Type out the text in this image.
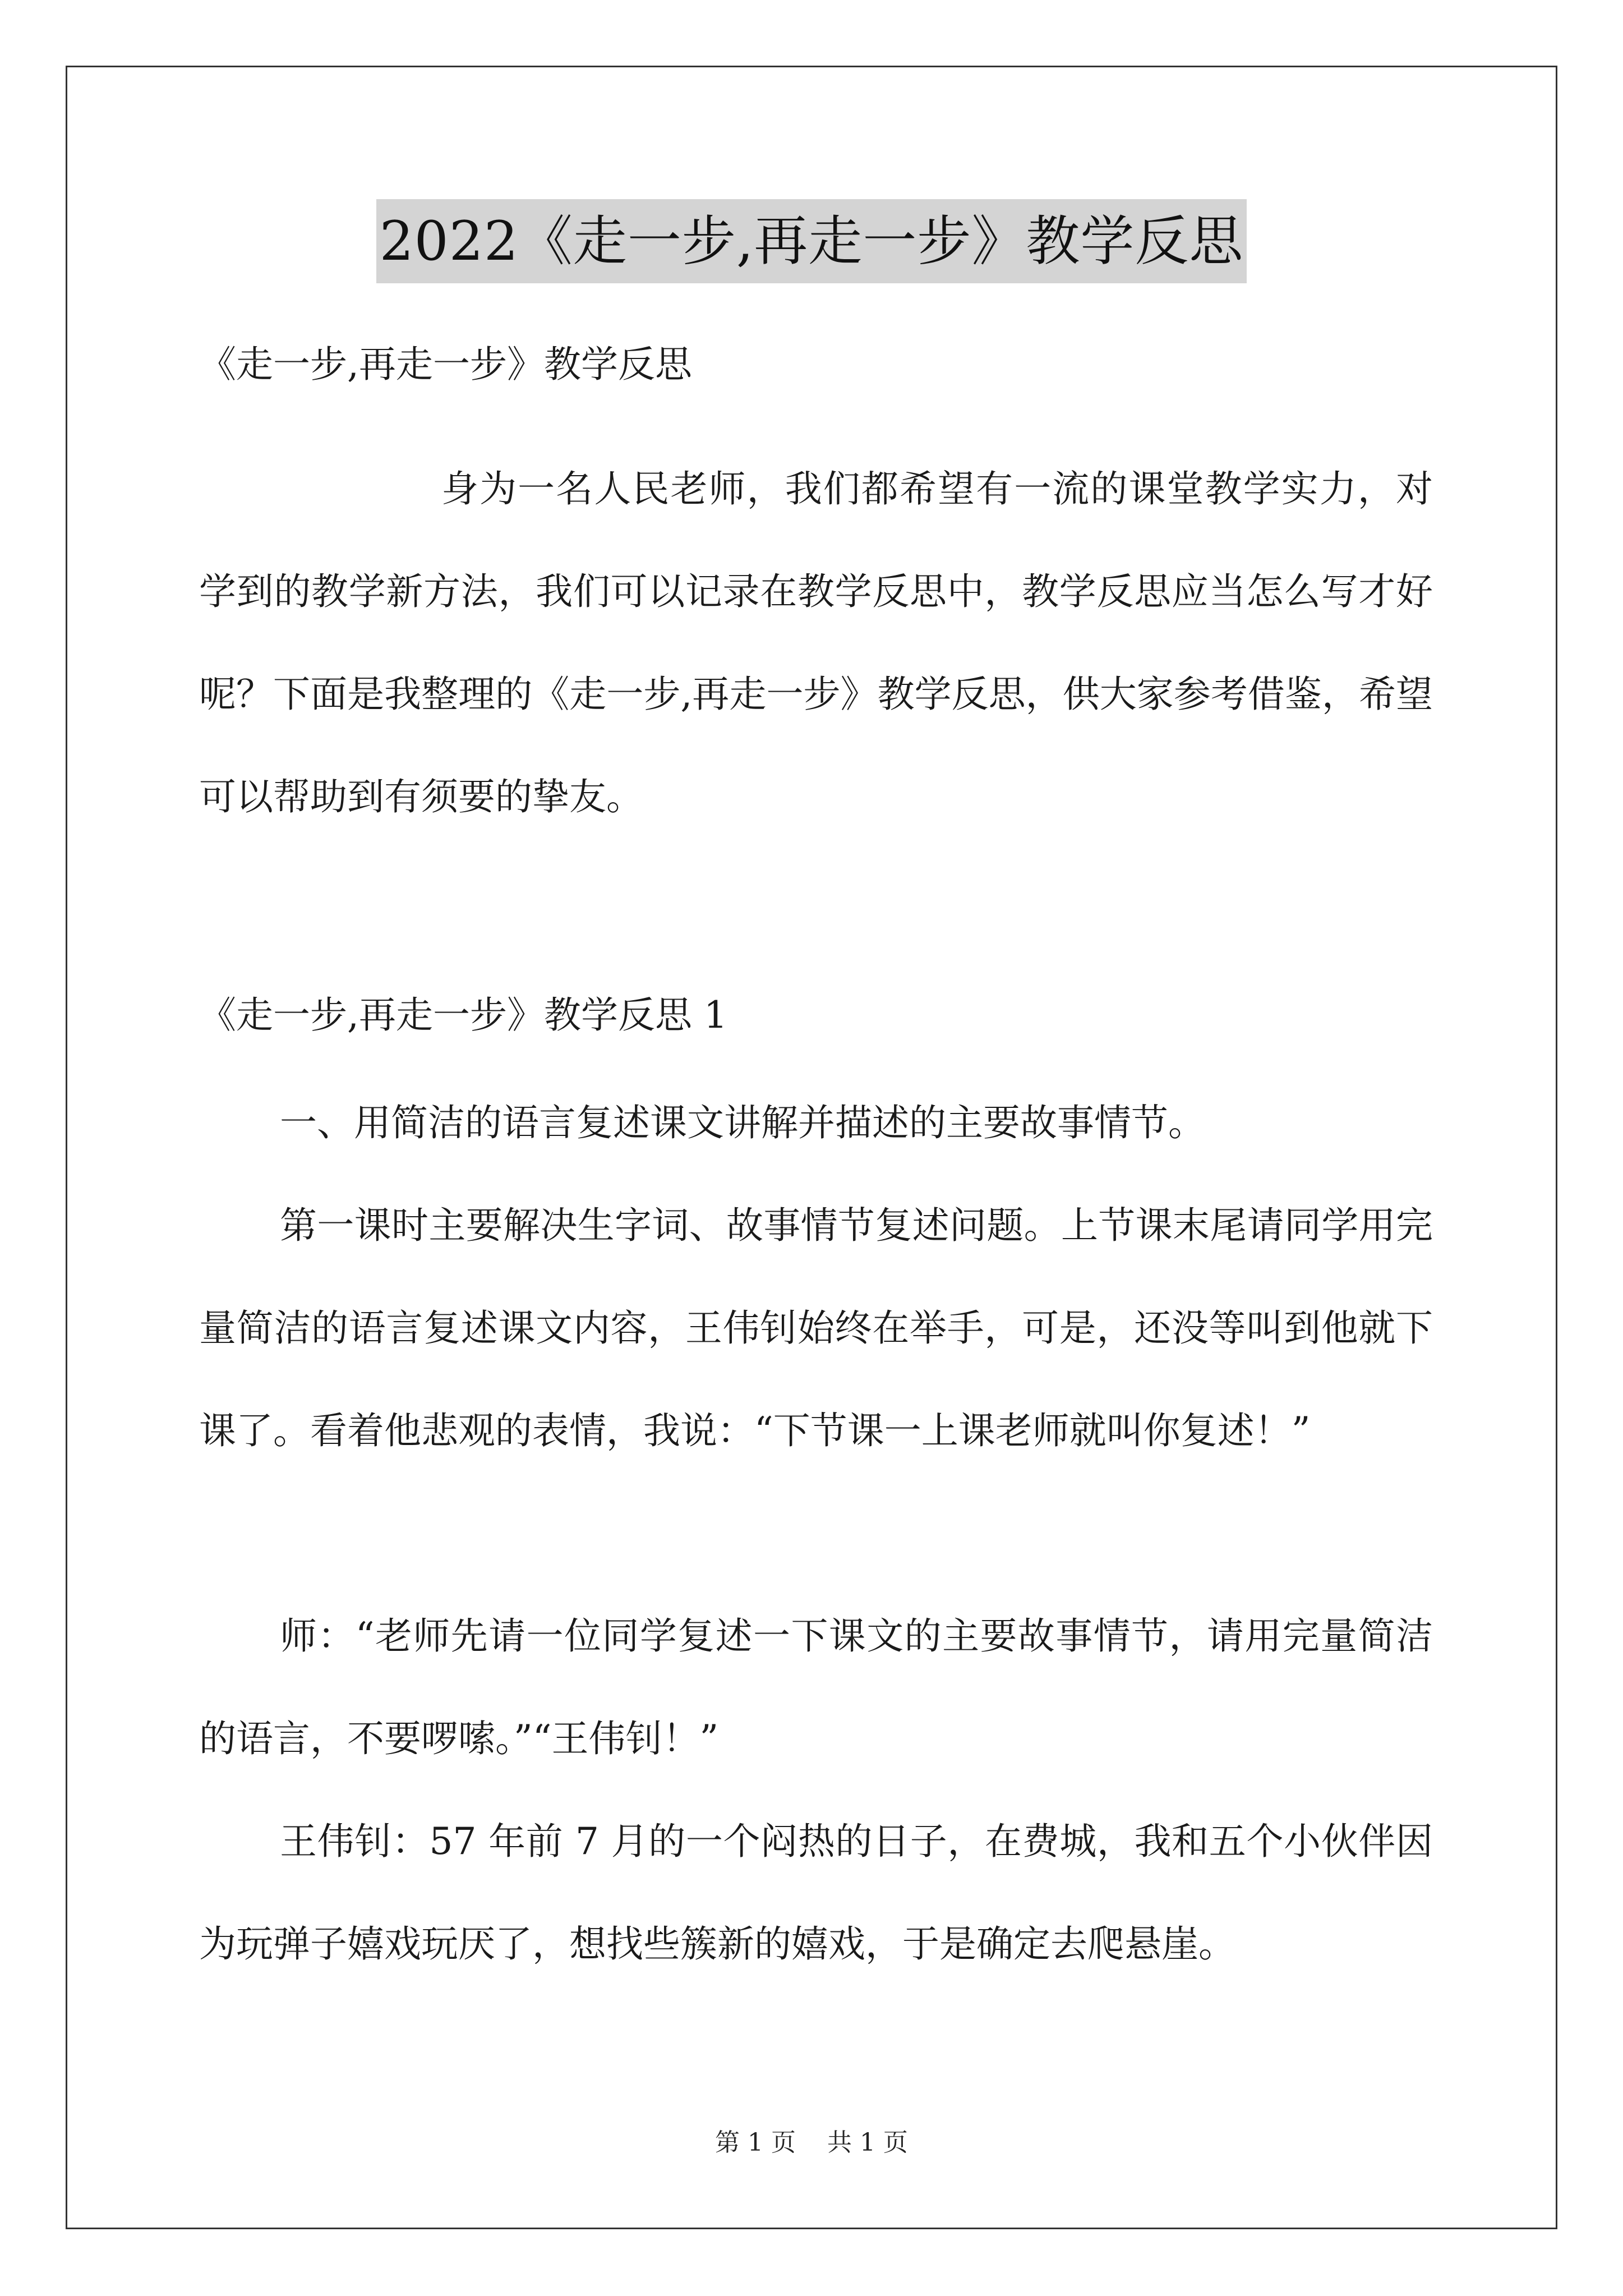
2022《走一步,再走一步》教学反思
《走一步,再走一步》教学反思
身为一名人民老师，我们都希望有一流的课堂教学实力，对学到的教学新方法，我们可以记录在教学反思中，教学反思应当怎么写才好呢？下面是我整理的《走一步,再走一步》教学反思，供大家参考借鉴，希望可以帮助到有须要的挚友。
《走一步,再走一步》教学反思 1
一、用简洁的语言复述课文讲解并描述的主要故事情节。
第一课时主要解决生字词、故事情节复述问题。上节课末尾请同学用完量简洁的语言复述课文内容，王伟钊始终在举手，可是，还没等叫到他就下课了。看着他悲观的表情，我说：“下节课一上课老师就叫你复述！”
师：“老师先请一位同学复述一下课文的主要故事情节，请用完量简洁的语言，不要啰嗦。”“王伟钊！”
王伟钊：57 年前 7 月的一个闷热的日子，在费城，我和五个小伙伴因为玩弹子嬉戏玩厌了，想找些簇新的嬉戏，于是确定去爬悬崖。
第 1 页    共 1 页
